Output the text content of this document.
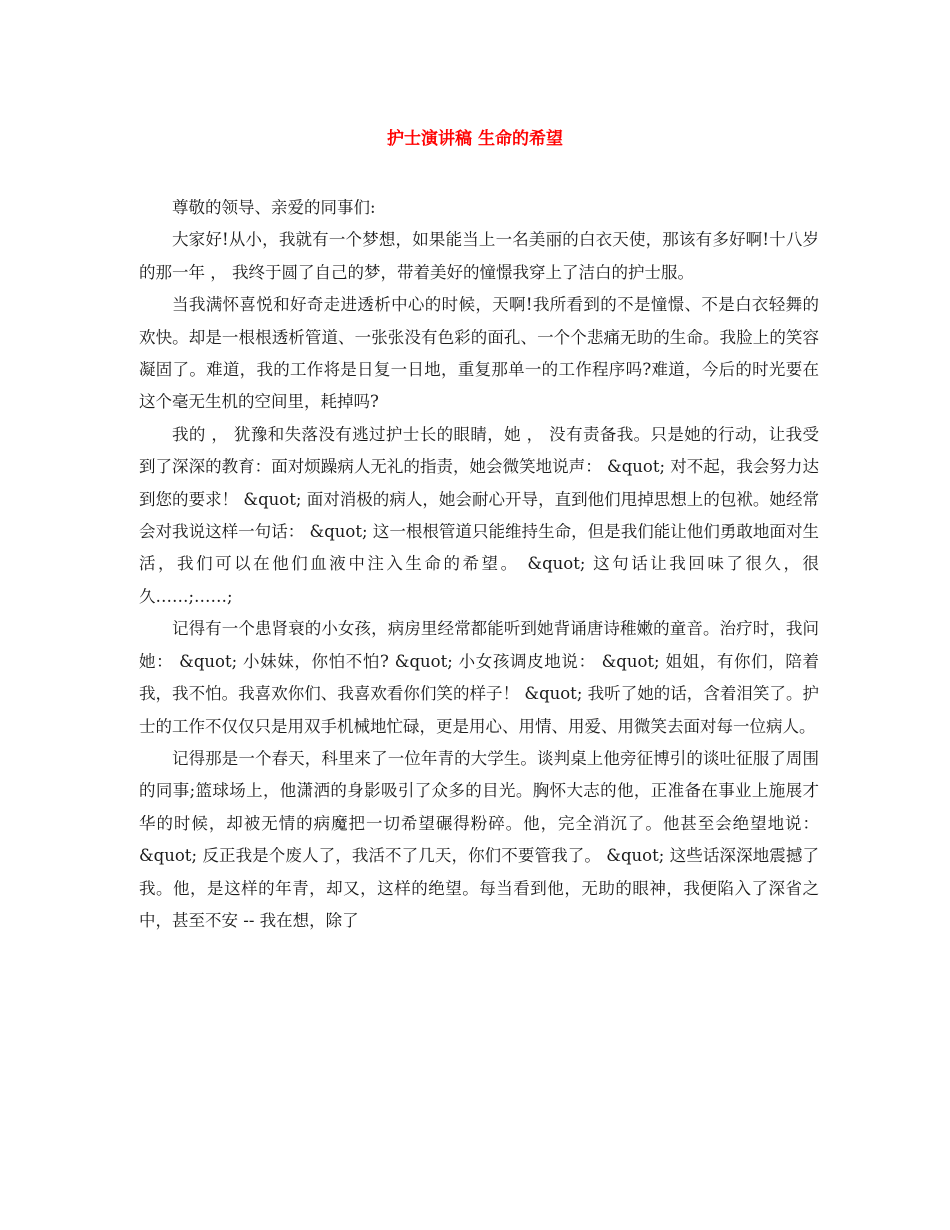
护士演讲稿 生命的希望

尊敬的领导、亲爱的同事们:

大家好!从小，我就有一个梦想，如果能当上一名美丽的白衣天使，那该有多好啊!十八岁的那一年 ， 我终于圆了自己的梦，带着美好的憧憬我穿上了洁白的护士服。

当我满怀喜悦和好奇走进透析中心的时候，天啊!我所看到的不是憧憬、不是白衣轻舞的欢快。却是一根根透析管道、一张张没有色彩的面孔、一个个悲痛无助的生命。我脸上的笑容凝固了。难道，我的工作将是日复一日地，重复那单一的工作程序吗?难道，今后的时光要在这个毫无生机的空间里，耗掉吗?

我的 ， 犹豫和失落没有逃过护士长的眼睛，她 ， 没有责备我。只是她的行动，让我受到了深深的教育：面对烦躁病人无礼的指责，她会微笑地说声： &quot; 对不起，我会努力达到您的要求！ &quot; 面对消极的病人，她会耐心开导，直到他们甩掉思想上的包袱。她经常会对我说这样一句话： &quot; 这一根根管道只能维持生命，但是我们能让他们勇敢地面对生活，我们可以在他们血液中注入生命的希望。 &quot; 这句话让我回味了很久，很久……;……;

记得有一个患肾衰的小女孩，病房里经常都能听到她背诵唐诗稚嫩的童音。治疗时，我问她： &quot; 小妹妹，你怕不怕? &quot; 小女孩调皮地说： &quot; 姐姐，有你们，陪着我，我不怕。我喜欢你们、我喜欢看你们笑的样子！ &quot; 我听了她的话，含着泪笑了。护士的工作不仅仅只是用双手机械地忙碌，更是用心、用情、用爱、用微笑去面对每一位病人。

记得那是一个春天，科里来了一位年青的大学生。谈判桌上他旁征博引的谈吐征服了周围的同事;篮球场上，他潇洒的身影吸引了众多的目光。胸怀大志的他，正准备在事业上施展才华的时候，却被无情的病魔把一切希望碾得粉碎。他，完全消沉了。他甚至会绝望地说： &quot; 反正我是个废人了，我活不了几天，你们不要管我了。 &quot; 这些话深深地震撼了我。他，是这样的年青，却又，这样的绝望。每当看到他，无助的眼神，我便陷入了深省之中，甚至不安 -- 我在想，除了
